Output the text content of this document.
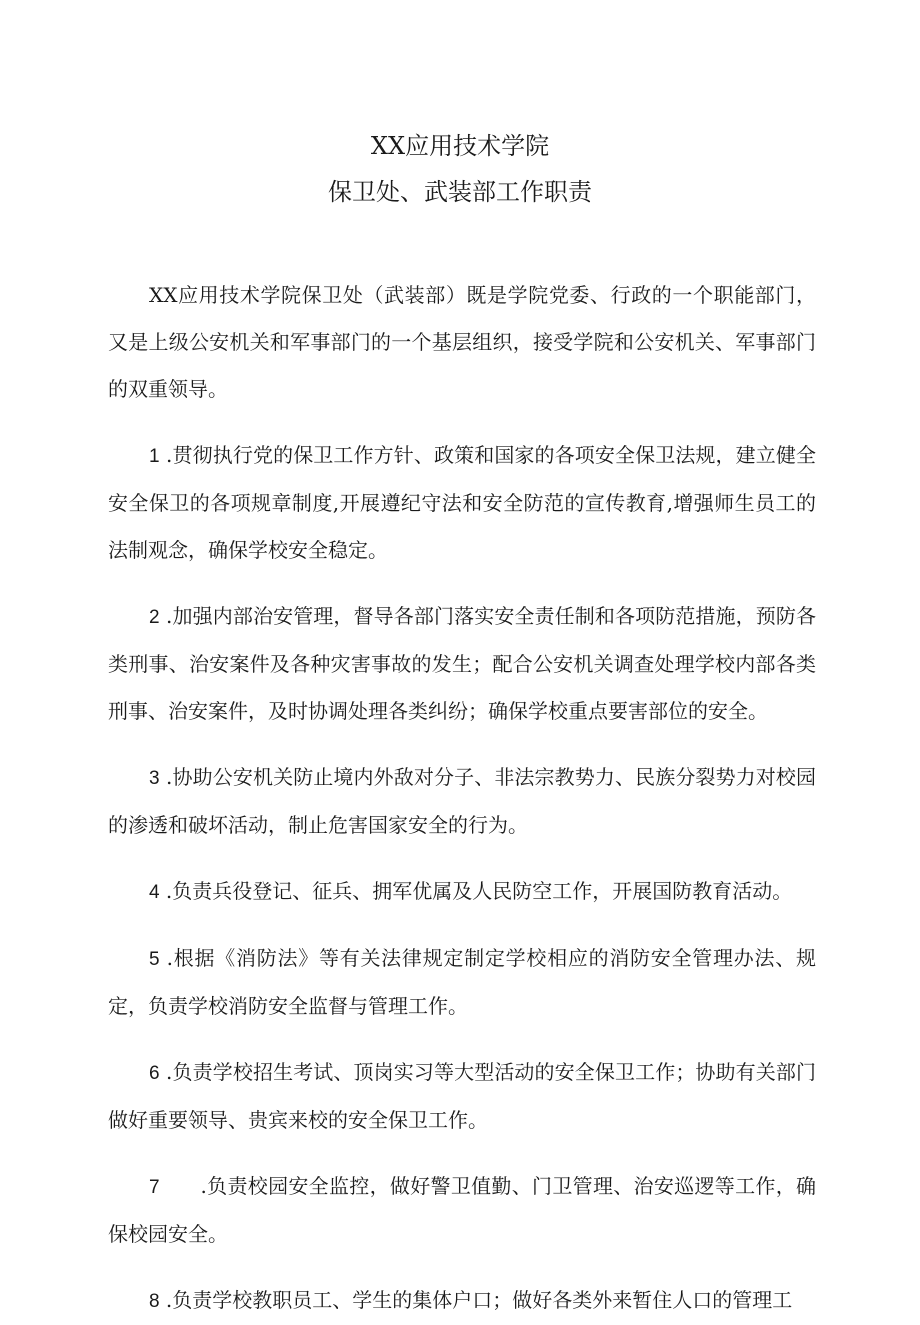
XX应用技术学院
保卫处、武装部工作职责

XX应用技术学院保卫处（武装部）既是学院党委、行政的一个职能部门，又是上级公安机关和军事部门的一个基层组织，接受学院和公安机关、军事部门的双重领导。

1 .贯彻执行党的保卫工作方针、政策和国家的各项安全保卫法规，建立健全安全保卫的各项规章制度,开展遵纪守法和安全防范的宣传教育,增强师生员工的法制观念，确保学校安全稳定。

2 .加强内部治安管理，督导各部门落实安全责任制和各项防范措施，预防各类刑事、治安案件及各种灾害事故的发生；配合公安机关调查处理学校内部各类刑事、治安案件，及时协调处理各类纠纷；确保学校重点要害部位的安全。

3 .协助公安机关防止境内外敌对分子、非法宗教势力、民族分裂势力对校园的渗透和破坏活动，制止危害国家安全的行为。

4 .负责兵役登记、征兵、拥军优属及人民防空工作，开展国防教育活动。

5 .根据《消防法》等有关法律规定制定学校相应的消防安全管理办法、规定，负责学校消防安全监督与管理工作。

6 .负责学校招生考试、顶岗实习等大型活动的安全保卫工作；协助有关部门做好重要领导、贵宾来校的安全保卫工作。

7　　.负责校园安全监控，做好警卫值勤、门卫管理、治安巡逻等工作，确保校园安全。

8 .负责学校教职员工、学生的集体户口；做好各类外来暂住人口的管理工
